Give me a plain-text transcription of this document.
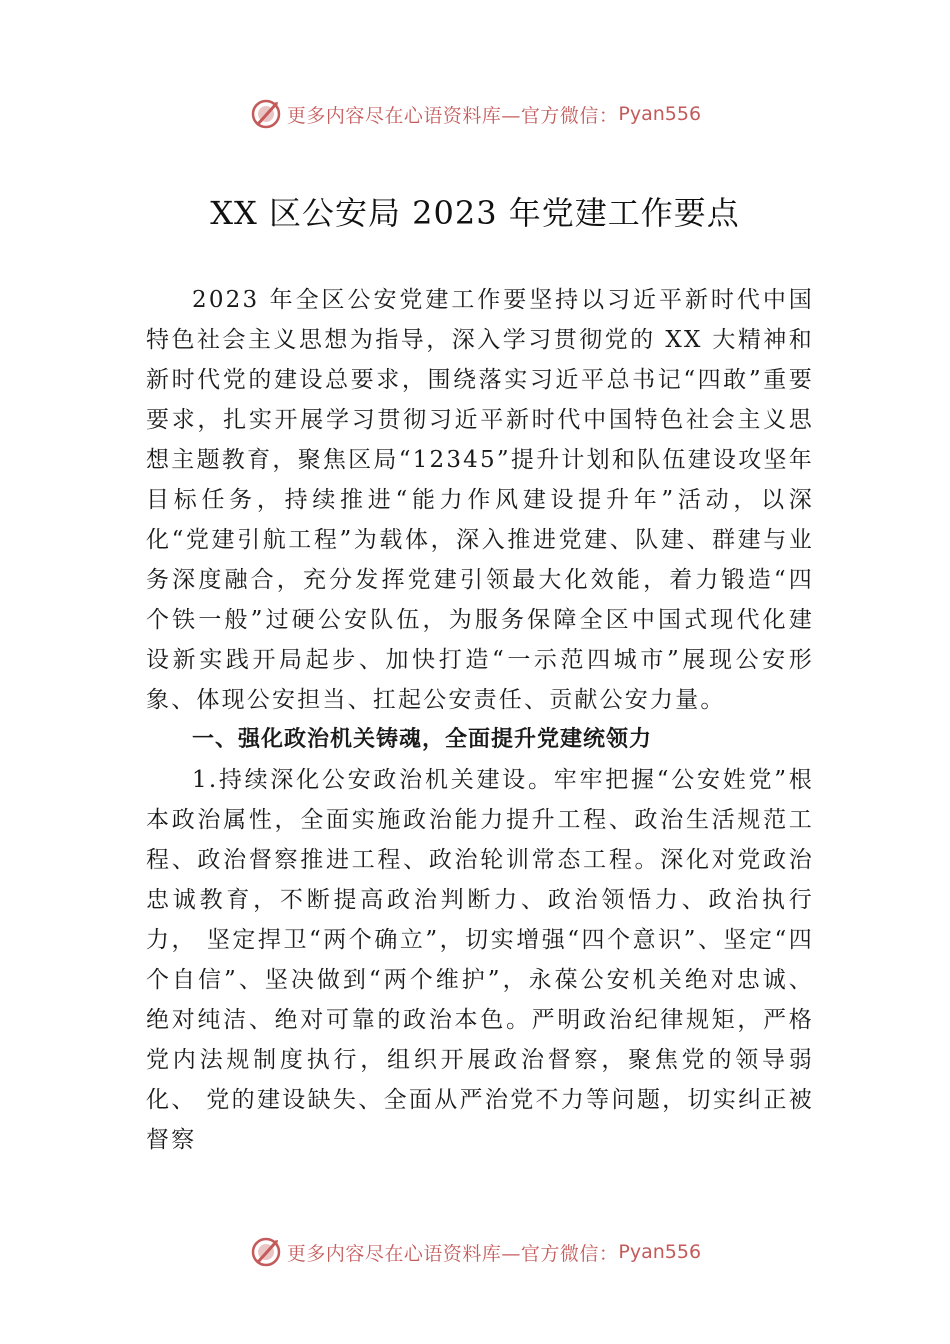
更多内容尽在心语资料库—官方微信： Pyan556
XX 区公安局 2023 年党建工作要点

2023 年全区公安党建工作要坚持以习近平新时代中国特色社会主义思想为指导，深入学习贯彻党的 XX 大精神和新时代党的建设总要求，围绕落实习近平总书记“四敢”重要要求，扎实开展学习贯彻习近平新时代中国特色社会主义思想主题教育，聚焦区局“12345”提升计划和队伍建设攻坚年目标任务，持续推进“能力作风建设提升年”活动，以深化“党建引航工程”为载体，深入推进党建、队建、群建与业务深度融合，充分发挥党建引领最大化效能，着力锻造“四个铁一般”过硬公安队伍，为服务保障全区中国式现代化建设新实践开局起步、加快打造“一示范四城市”展现公安形象、体现公安担当、扛起公安责任、贡献公安力量。

一、强化政治机关铸魂，全面提升党建统领力

1.持续深化公安政治机关建设。牢牢把握“公安姓党”根本政治属性，全面实施政治能力提升工程、政治生活规范工程、政治督察推进工程、政治轮训常态工程。深化对党政治忠诚教育，不断提高政治判断力、政治领悟力、政治执行力， 坚定捍卫“两个确立”，切实增强“四个意识”、坚定“四个自信”、坚决做到“两个维护”，永葆公安机关绝对忠诚、绝对纯洁、绝对可靠的政治本色。严明政治纪律规矩，严格党内法规制度执行，组织开展政治督察，聚焦党的领导弱化、 党的建设缺失、全面从严治党不力等问题，切实纠正被督察

更多内容尽在心语资料库—官方微信： Pyan556
